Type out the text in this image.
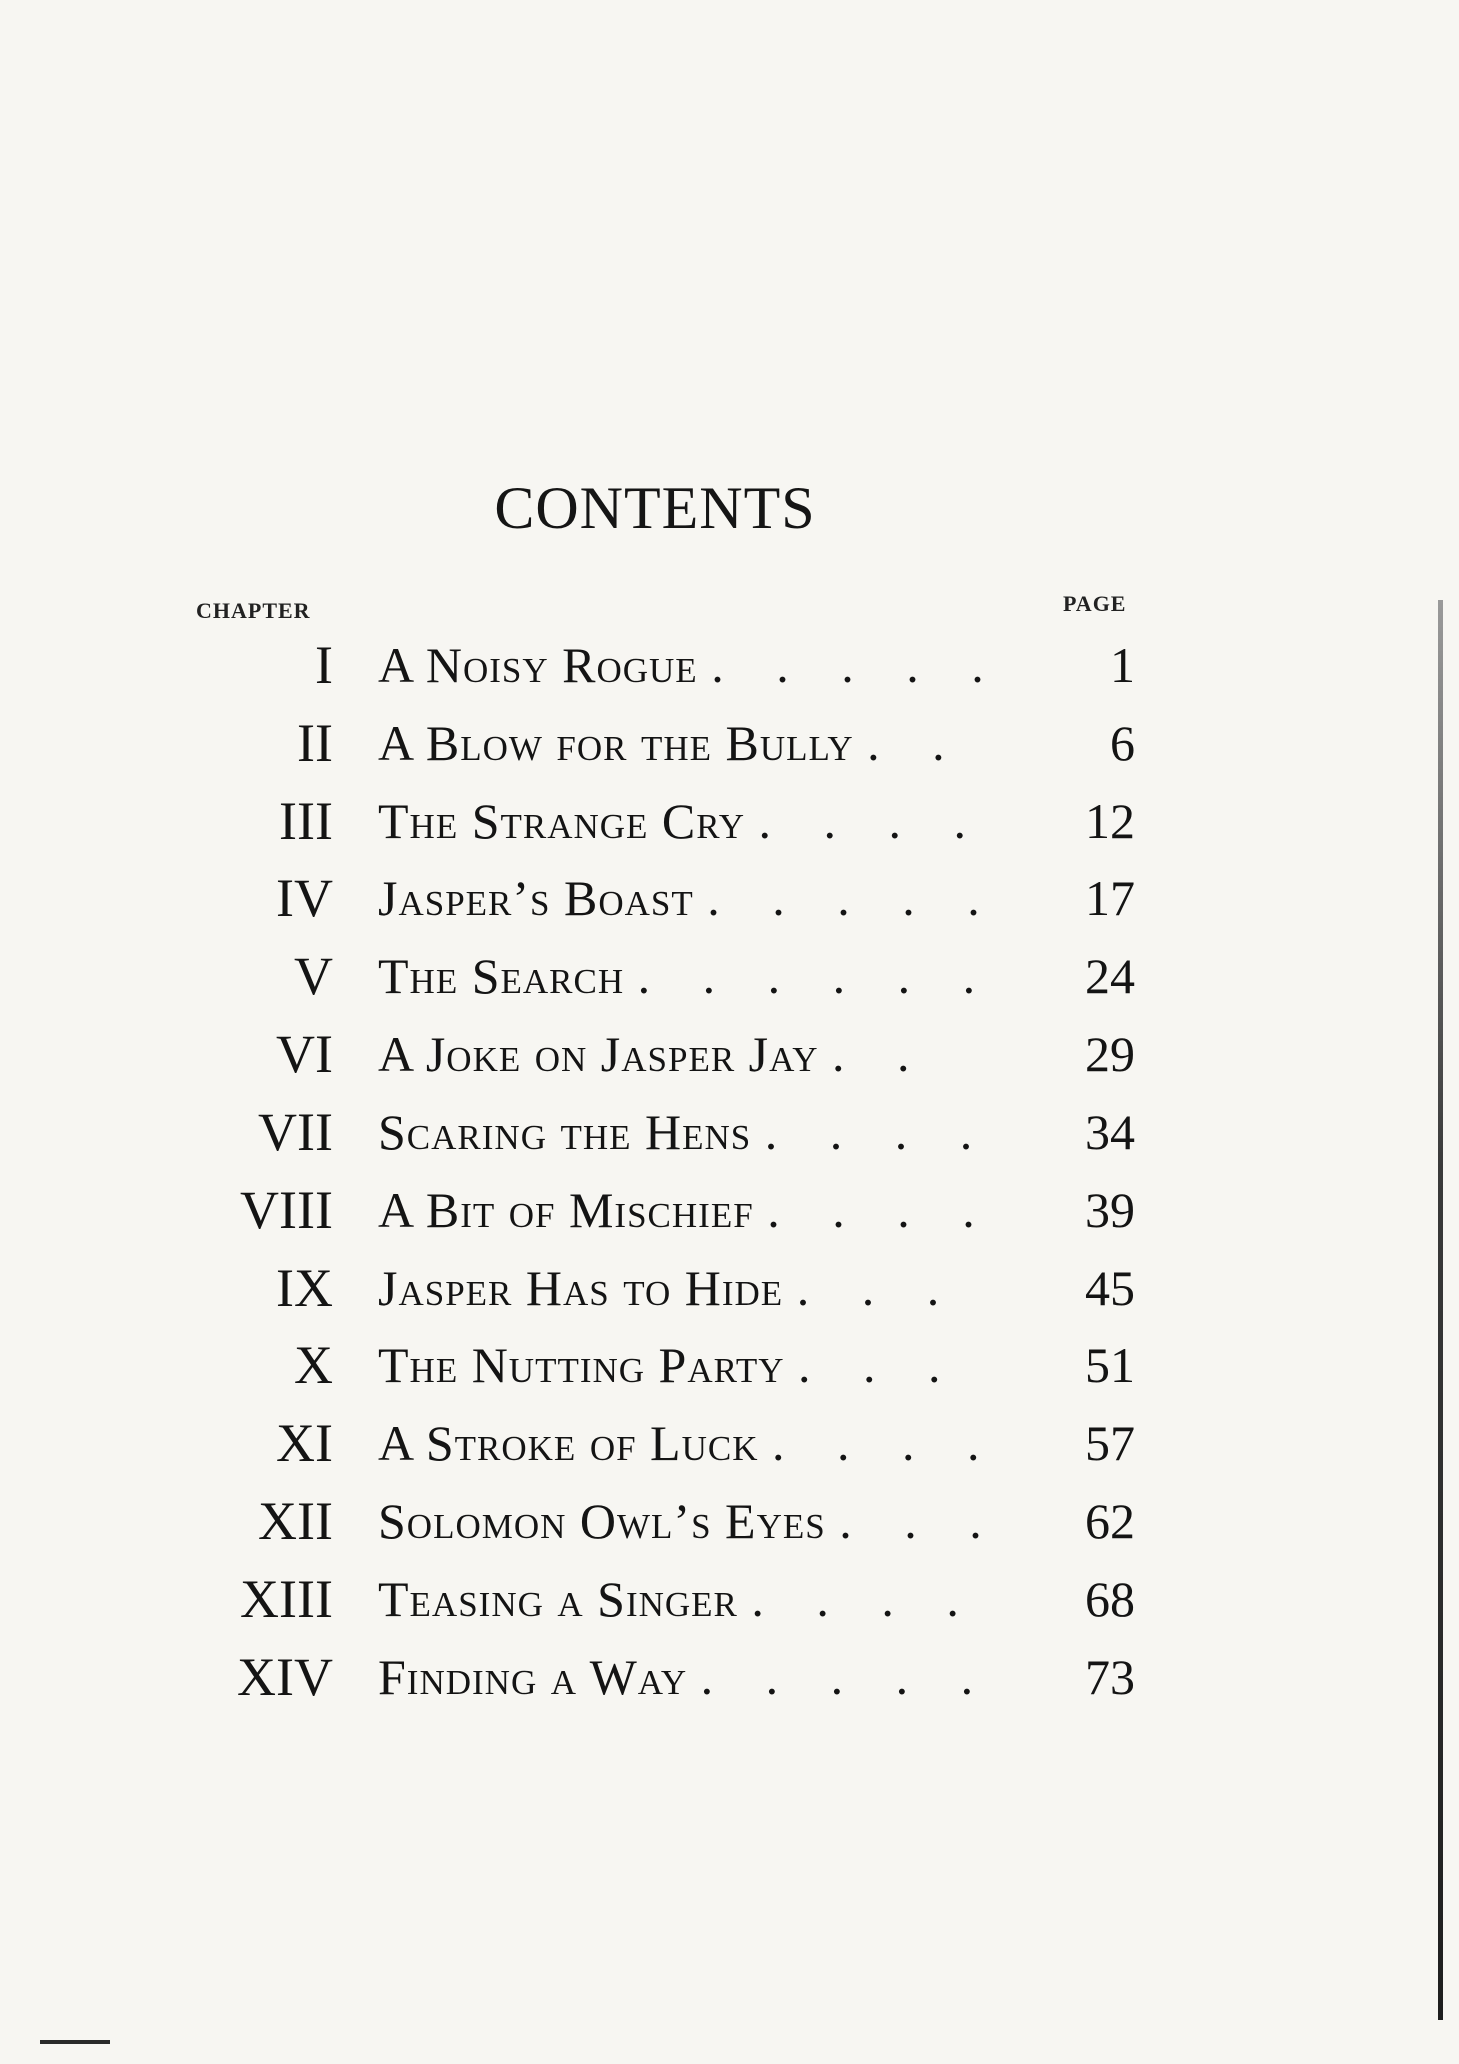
CONTENTS
CHAPTER	PAGE
I A Noisy Rogue . . . . .	1
II A Blow for the Bully . .	6
III The Strange Cry . . . .	12
IV Jasper’s Boast . . . . .	17
V The Search . . . . . .	24
VI A Joke on Jasper Jay . .	29
VII Scaring the Hens . . . .	34
VIII A Bit of Mischief . . . .	39
IX Jasper Has to Hide . . .	45
X The Nutting Party . . .	51
XI A Stroke of Luck . . . .	57
XII Solomon Owl’s Eyes . . .	62
XIII Teasing a Singer . . . .	68
XIV Finding a Way . . . . .	73
